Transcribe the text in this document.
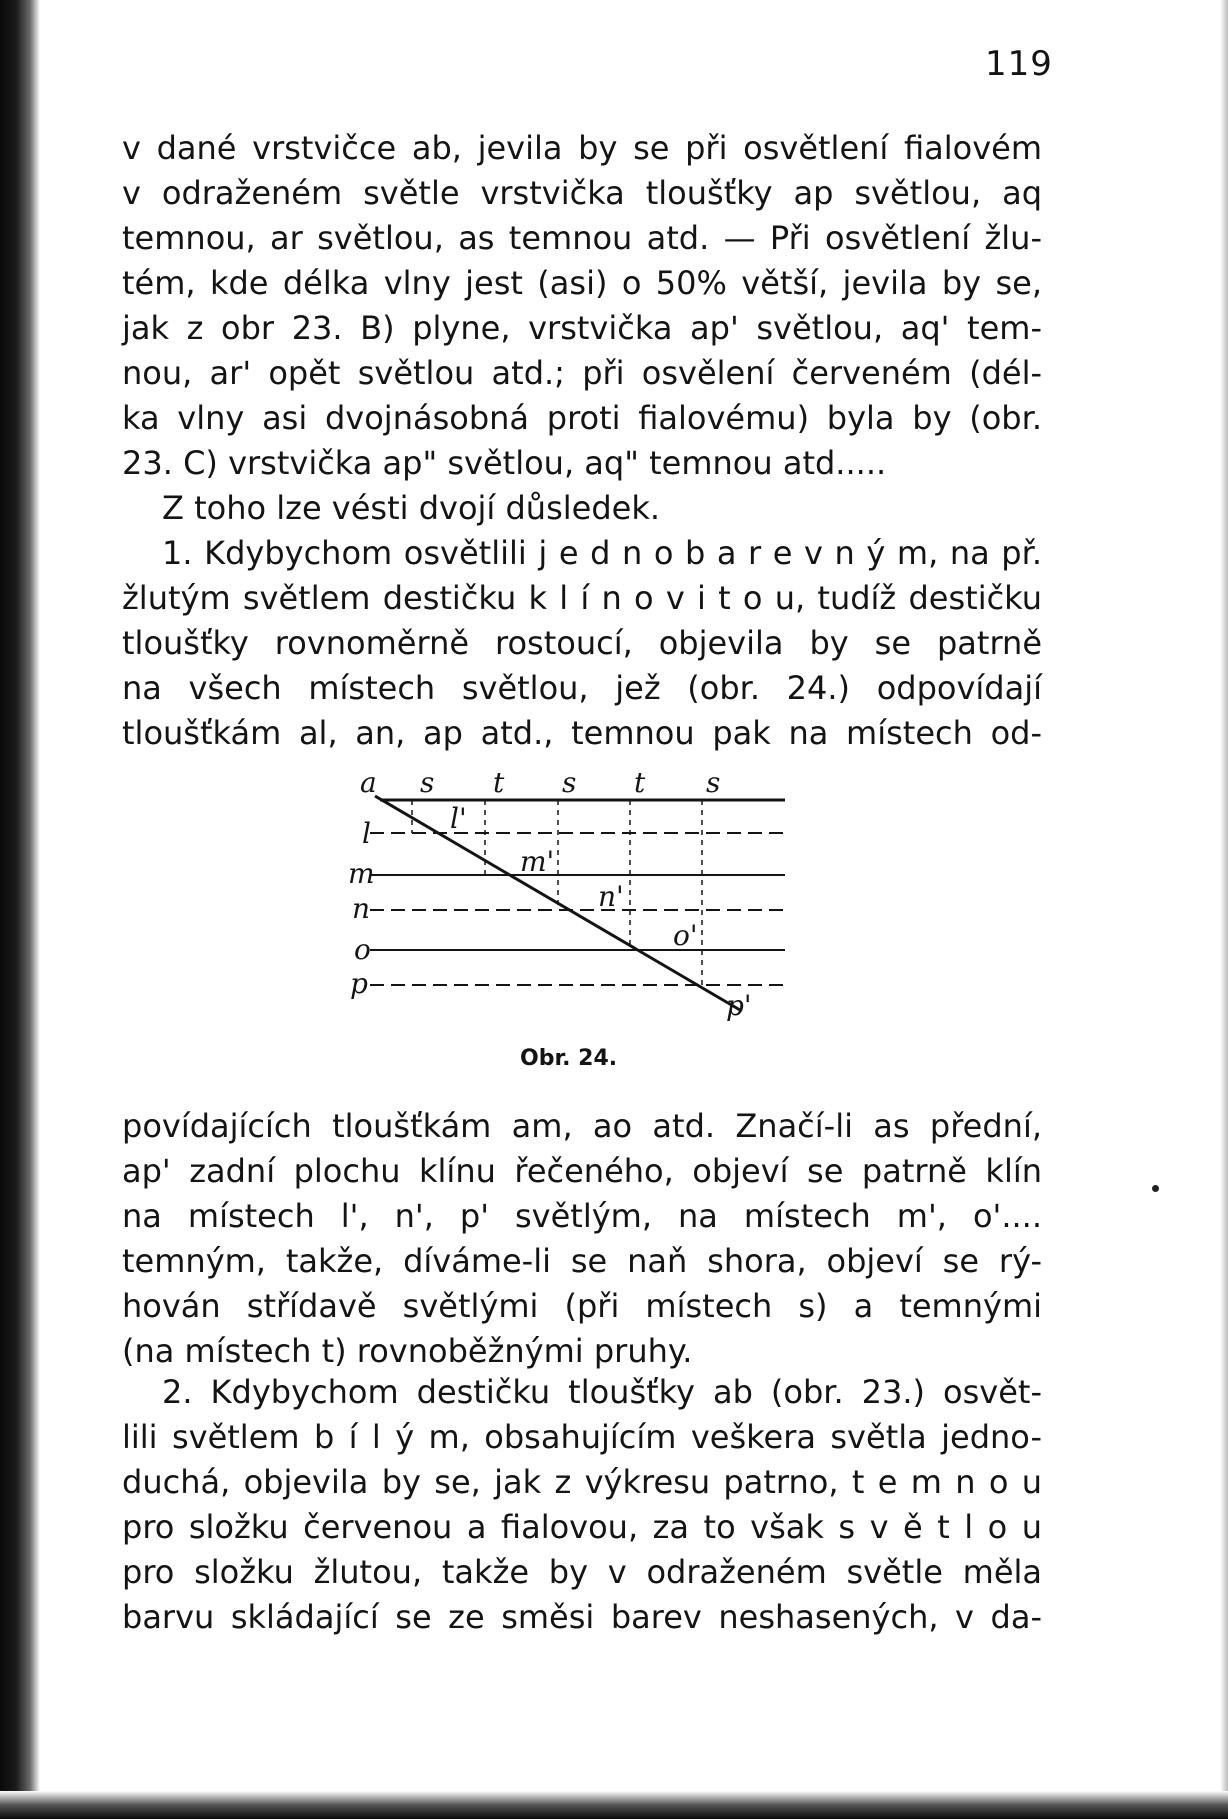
119
v dané vrstvičce ab, jevila by se při osvětlení fialovém
v odraženém světle vrstvička tloušťky ap světlou, aq
temnou, ar světlou, as temnou atd. — Při osvětlení žlu-
tém, kde délka vlny jest (asi) o 50% větší, jevila by se,
jak z obr 23. B) plyne, vrstvička ap' světlou, aq' tem-
nou, ar' opět světlou atd.; při osvělení červeném (dél-
ka vlny asi dvojnásobná proti fialovému) byla by (obr.
23. C) vrstvička ap" světlou, aq" temnou atd.....
Z toho lze vésti dvojí důsledek.
1. Kdybychom osvětlili j e d n o b a r e v n ý m, na př.
žlutým světlem destičku k l í n o v i t o u, tudíž destičku
tloušťky rovnoměrně rostoucí, objevila by se patrně
na všech místech světlou, jež (obr. 24.) odpovídají
tloušťkám al, an, ap atd., temnou pak na místech od-
a s t s t s
l
m
n
o
p
l'
m'
n'
o'
p'
Obr. 24.
povídajících tloušťkám am, ao atd. Značí-li as přední,
ap' zadní plochu klínu řečeného, objeví se patrně klín
na místech l', n', p' světlým, na místech m', o'....
temným, takže, díváme-li se naň shora, objeví se rý-
hován střídavě světlými (při místech s) a temnými
(na místech t) rovnoběžnými pruhy.
2. Kdybychom destičku tloušťky ab (obr. 23.) osvět-
lili světlem b í l ý m, obsahujícím veškera světla jedno-
duchá, objevila by se, jak z výkresu patrno, t e m n o u
pro složku červenou a fialovou, za to však s v ě t l o u
pro složku žlutou, takže by v odraženém světle měla
barvu skládající se ze směsi barev neshasených, v da-
